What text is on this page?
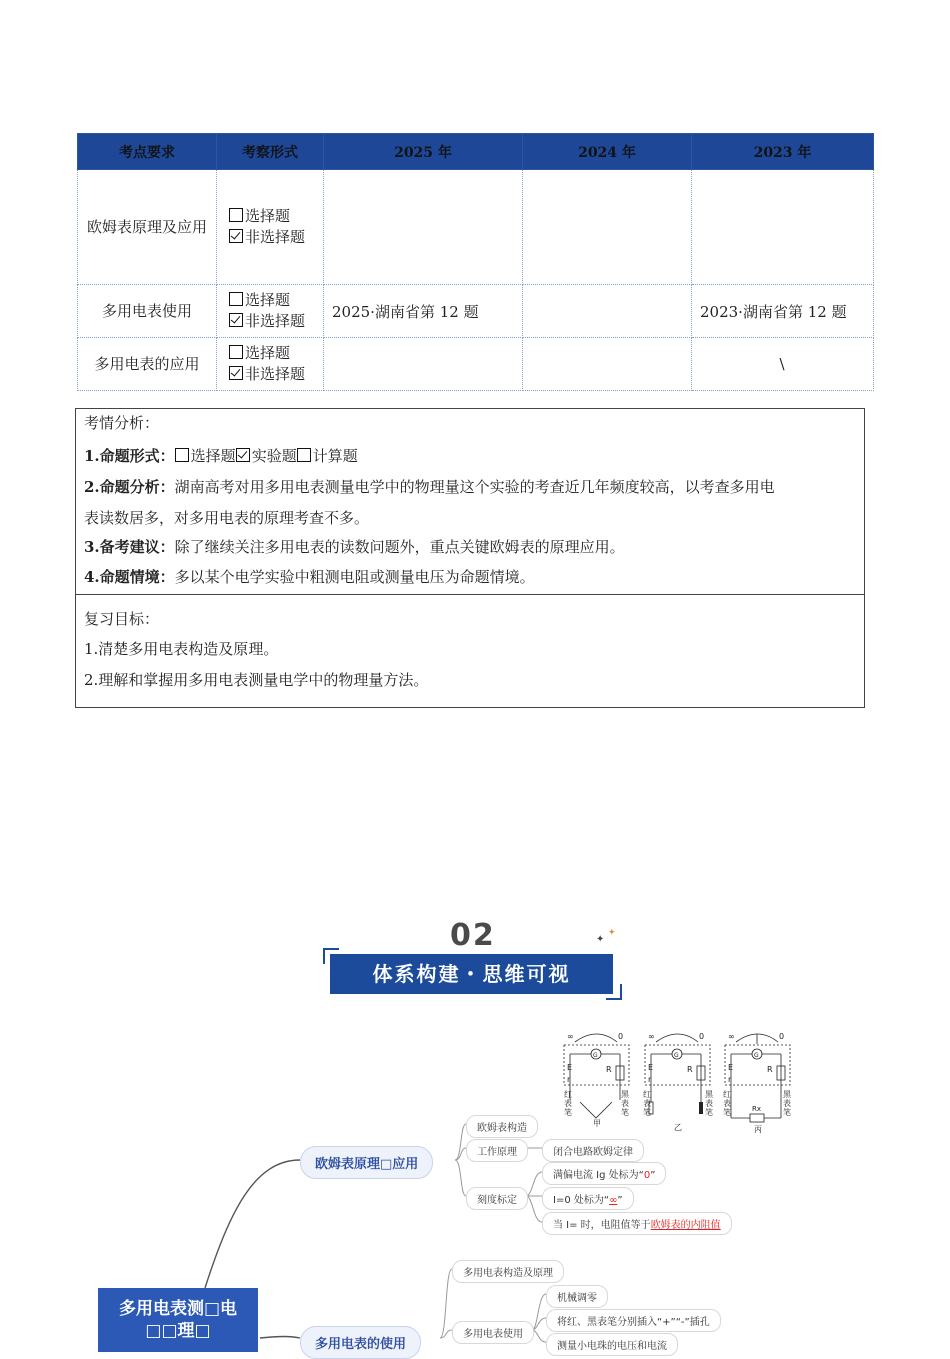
考点要求	考察形式	2025 年	2024 年	2023 年
欧姆表原理及应用	选择题
非选择题			

多用电表使用	选择题
非选择题	2025·湖南省第 12 题		2023·湖南省第 12 题
多用电表的应用	选择题
非选择题			\
考情分析：
1.命题形式： 选择题 实验题 计算题
2.命题分析：湖南高考对用多用电表测量电学中的物理量这个实验的考查近几年频度较高，以考查多用电
表读数居多，对多用电表的原理考查不多。
3.备考建议：除了继续关注多用电表的读数问题外，重点关键欧姆表的原理应用。
4.命题情境：多以某个电学实验中粗测电阻或测量电压为命题情境。
复习目标：
1.清楚多用电表构造及原理。
2.理解和掌握用多用电表测量电学中的物理量方法。
02	✦
✦
体系构建・思维可视
∞	0
G
E
r
R
红
表
笔
黑
表
笔
甲
∞	0
G
E
r
R
红
表
笔
黑
表
笔
乙
∞	0
G
E
r
R
红
表
笔
黑
表
笔
Rx
丙
多用电表测□电
□□理□
欧姆表原理□应用
欧姆表构造
工作原理
刻度标定
闭合电路欧姆定律
满偏电流 Ig 处标为“0”
I=0 处标为“∞”
当 I= 时，电阻值等于欧姆表的内阻值
多用电表的使用
多用电表构造及原理
多用电表使用
机械调零
将红、黑表笔分别插入“+”“-”插孔
测量小电珠的电压和电流
